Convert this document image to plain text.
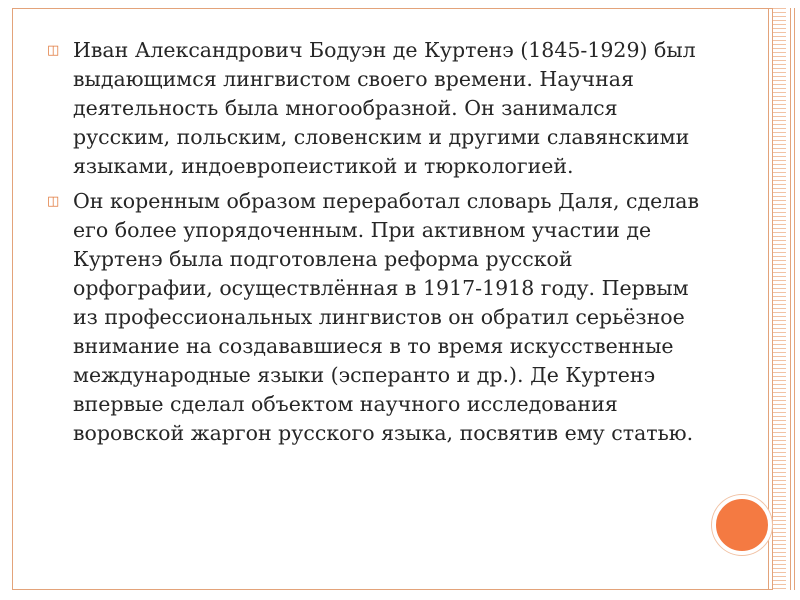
◫ Иван Александрович Бодуэн де Куртенэ (1845-1929) был выдающимся лингвистом своего времени. Научная деятельность была многообразной. Он занимался русским, польским, словенским и другими славянскими языками, индоевропеистикой и тюркологией.

◫ Он коренным образом переработал словарь Даля, сделав его более упорядоченным. При активном участии де Куртенэ была подготовлена реформа русской орфографии, осуществлённая в 1917-1918 году. Первым из профессиональных лингвистов он обратил серьёзное внимание на создававшиеся в то время искусственные международные языки (эсперанто и др.). Де Куртенэ впервые сделал объектом научного исследования воровской жаргон русского языка, посвятив ему статью.
